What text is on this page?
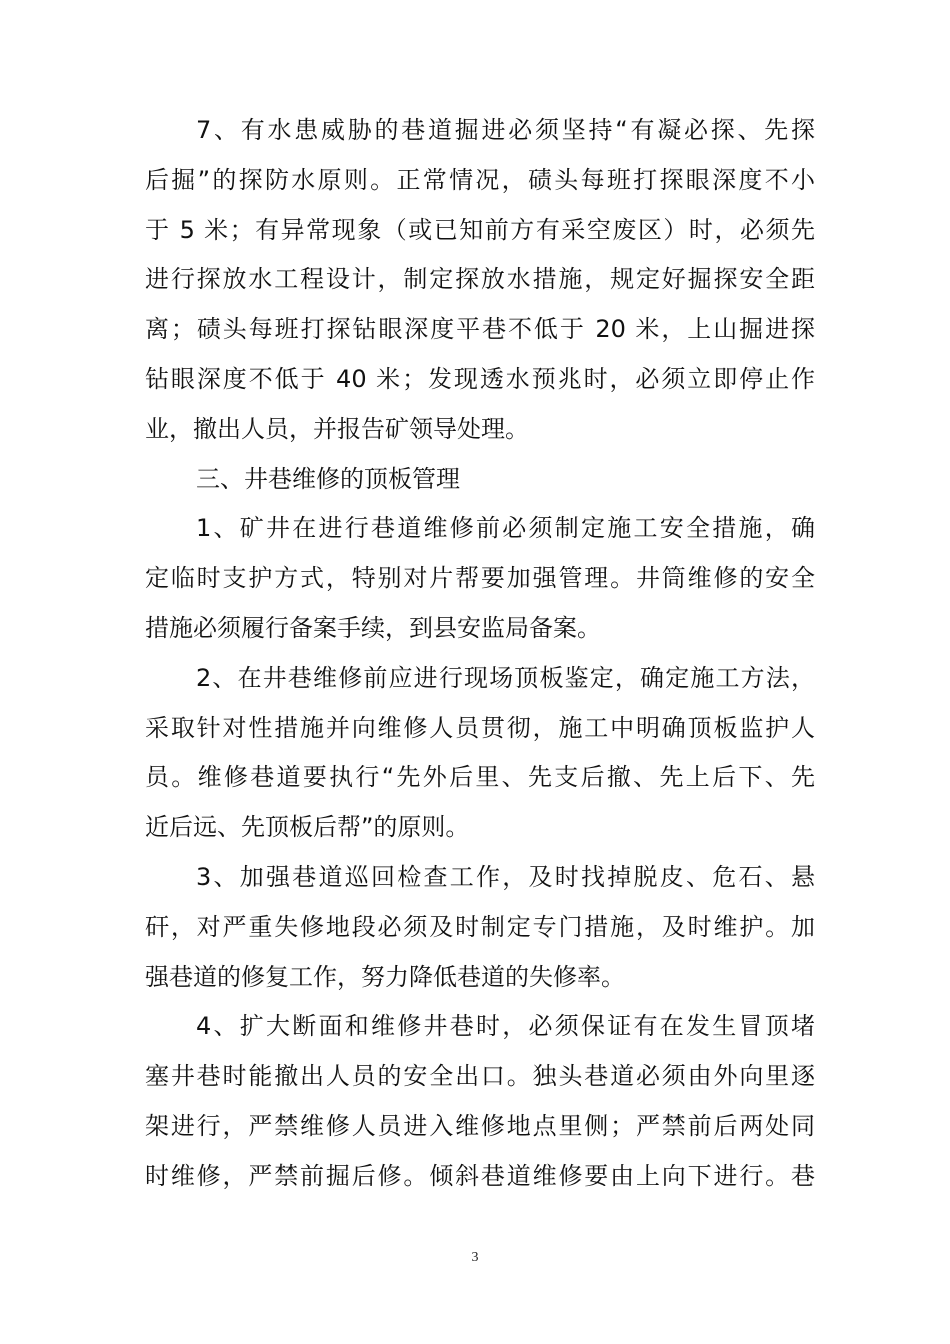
7、有水患威胁的巷道掘进必须坚持“有凝必探、先探
后掘”的探防水原则。正常情况，碛头每班打探眼深度不小
于 5 米；有异常现象（或已知前方有采空废区）时，必须先
进行探放水工程设计，制定探放水措施，规定好掘探安全距
离；碛头每班打探钻眼深度平巷不低于 20 米，上山掘进探
钻眼深度不低于 40 米；发现透水预兆时，必须立即停止作
业，撤出人员，并报告矿领导处理。
三、井巷维修的顶板管理
1、矿井在进行巷道维修前必须制定施工安全措施，确
定临时支护方式，特别对片帮要加强管理。井筒维修的安全
措施必须履行备案手续，到县安监局备案。
2、在井巷维修前应进行现场顶板鉴定，确定施工方法，
采取针对性措施并向维修人员贯彻，施工中明确顶板监护人
员。维修巷道要执行“先外后里、先支后撤、先上后下、先
近后远、先顶板后帮”的原则。
3、加强巷道巡回检查工作，及时找掉脱皮、危石、悬
矸，对严重失修地段必须及时制定专门措施，及时维护。加
强巷道的修复工作，努力降低巷道的失修率。
4、扩大断面和维修井巷时，必须保证有在发生冒顶堵
塞井巷时能撤出人员的安全出口。独头巷道必须由外向里逐
架进行，严禁维修人员进入维修地点里侧；严禁前后两处同
时维修，严禁前掘后修。倾斜巷道维修要由上向下进行。巷
3
